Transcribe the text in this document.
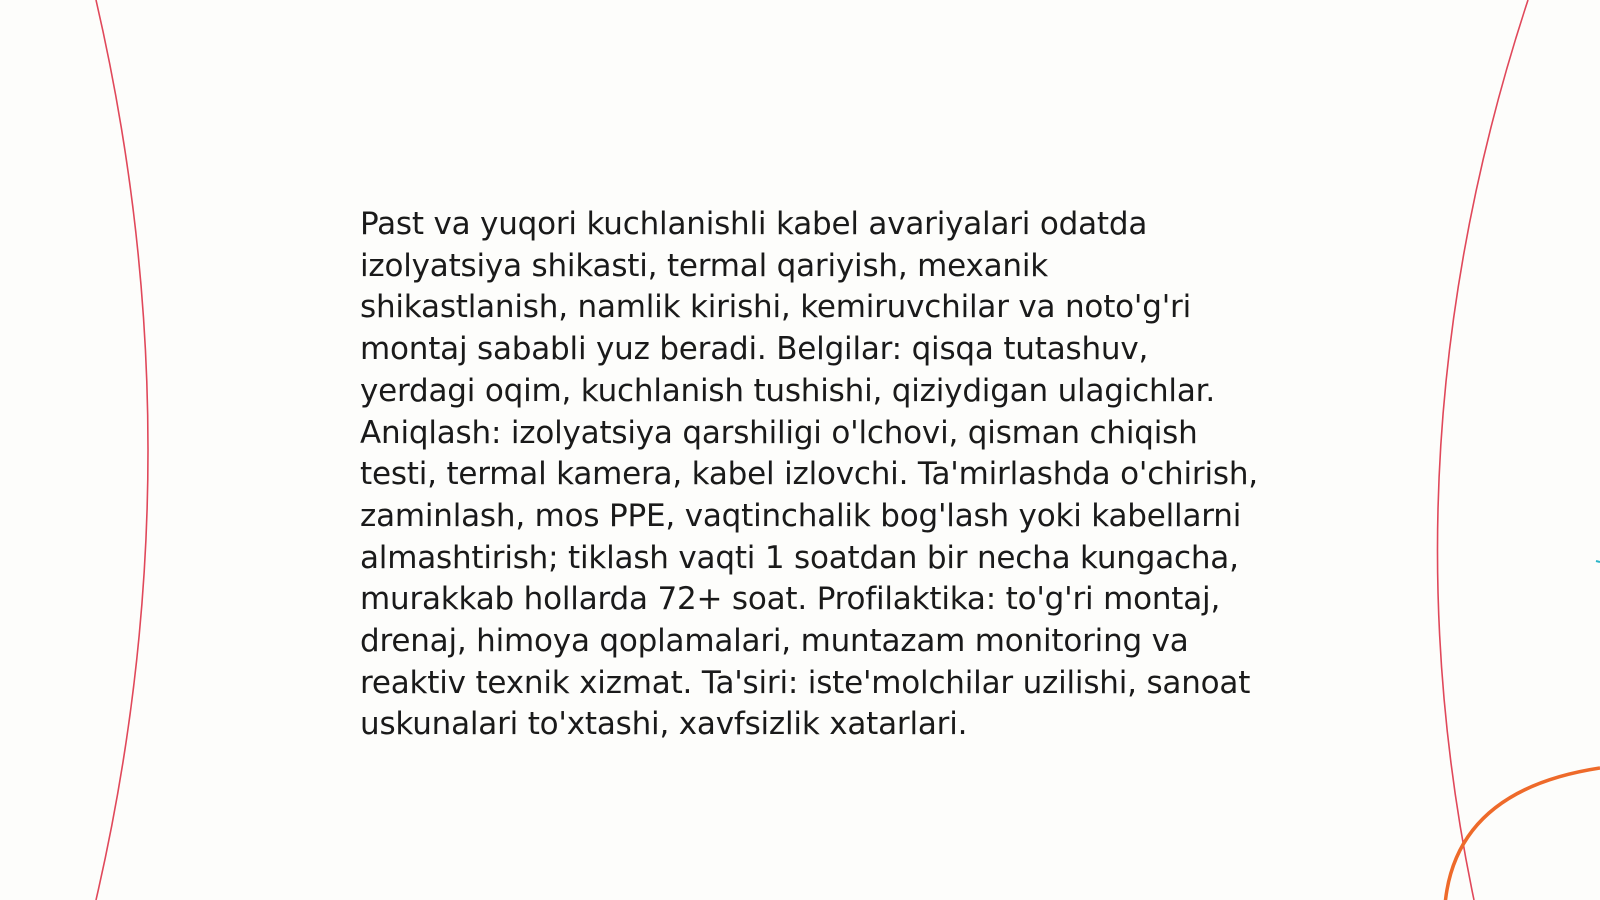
Past va yuqori kuchlanishli kabel avariyalari odatda izolyatsiya shikasti, termal qariyish, mexanik shikastlanish, namlik kirishi, kemiruvchilar va noto'g'ri montaj sababli yuz beradi. Belgilar: qisqa tutashuv, yerdagi oqim, kuchlanish tushishi, qiziydigan ulagichlar. Aniqlash: izolyatsiya qarshiligi o'lchovi, qisman chiqish testi, termal kamera, kabel izlovchi. Ta'mirlashda o'chirish, zaminlash, mos PPE, vaqtinchalik bog'lash yoki kabellarni almashtirish; tiklash vaqti 1 soatdan bir necha kungacha, murakkab hollarda 72+ soat. Profilaktika: to'g'ri montaj, drenaj, himoya qoplamalari, muntazam monitoring va reaktiv texnik xizmat. Ta'siri: iste'molchilar uzilishi, sanoat uskunalari to'xtashi, xavfsizlik xatarlari.
